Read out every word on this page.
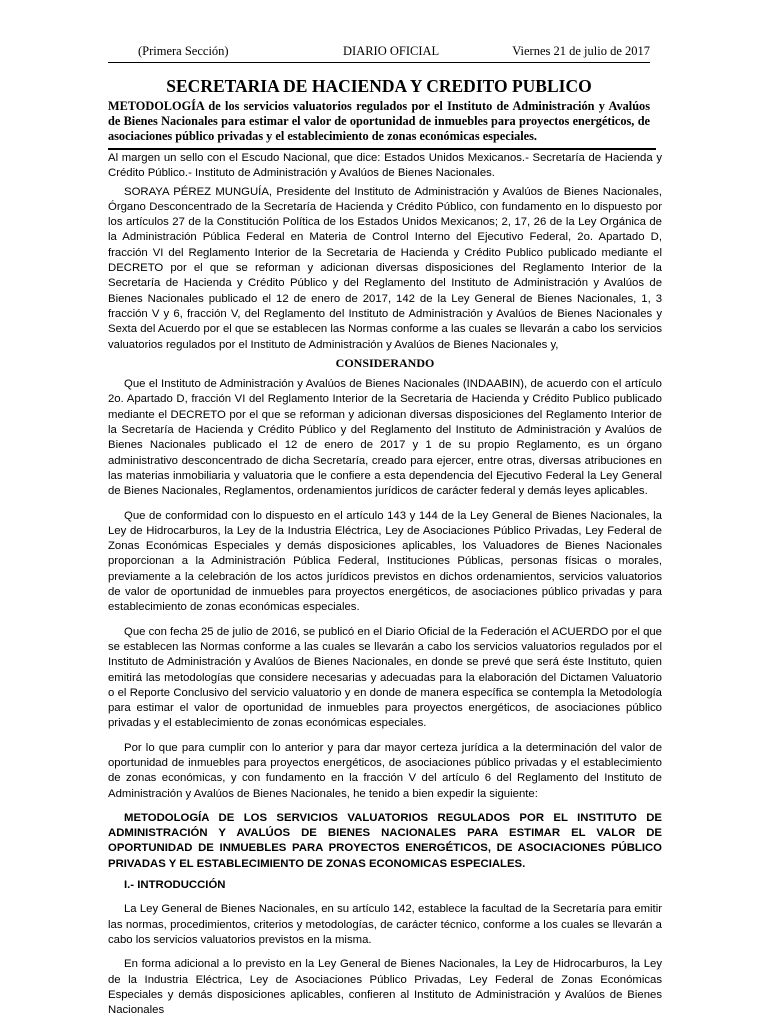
(Primera Sección)	DIARIO OFICIAL	Viernes 21 de julio de 2017
SECRETARIA DE HACIENDA Y CREDITO PUBLICO
METODOLOGÍA de los servicios valuatorios regulados por el Instituto de Administración y Avalúos de Bienes Nacionales para estimar el valor de oportunidad de inmuebles para proyectos energéticos, de asociaciones público privadas y el establecimiento de zonas económicas especiales.

Al margen un sello con el Escudo Nacional, que dice: Estados Unidos Mexicanos.- Secretaría de Hacienda y Crédito Público.- Instituto de Administración y Avalúos de Bienes Nacionales.

SORAYA PÉREZ MUNGUÍA, Presidente del Instituto de Administración y Avalúos de Bienes Nacionales, Órgano Desconcentrado de la Secretaría de Hacienda y Crédito Público, con fundamento en lo dispuesto por los artículos 27 de la Constitución Política de los Estados Unidos Mexicanos; 2, 17, 26 de la Ley Orgánica de la Administración Pública Federal en Materia de Control Interno del Ejecutivo Federal, 2o. Apartado D, fracción VI del Reglamento Interior de la Secretaria de Hacienda y Crédito Publico publicado mediante el DECRETO por el que se reforman y adicionan diversas disposiciones del Reglamento Interior de la Secretaría de Hacienda y Crédito Público y del Reglamento del Instituto de Administración y Avalúos de Bienes Nacionales publicado el 12 de enero de 2017, 142 de la Ley General de Bienes Nacionales, 1, 3 fracción V y 6, fracción V, del Reglamento del Instituto de Administración y Avalúos de Bienes Nacionales y Sexta del Acuerdo por el que se establecen las Normas conforme a las cuales se llevarán a cabo los servicios valuatorios regulados por el Instituto de Administración y Avalúos de Bienes Nacionales y,

CONSIDERANDO

Que el Instituto de Administración y Avalúos de Bienes Nacionales (INDAABIN), de acuerdo con el artículo 2o. Apartado D, fracción VI del Reglamento Interior de la Secretaria de Hacienda y Crédito Publico publicado mediante el DECRETO por el que se reforman y adicionan diversas disposiciones del Reglamento Interior de la Secretaría de Hacienda y Crédito Público y del Reglamento del Instituto de Administración y Avalúos de Bienes Nacionales publicado el 12 de enero de 2017 y 1 de su propio Reglamento, es un órgano administrativo desconcentrado de dicha Secretaría, creado para ejercer, entre otras, diversas atribuciones en las materias inmobiliaria y valuatoria que le confiere a esta dependencia del Ejecutivo Federal la Ley General de Bienes Nacionales, Reglamentos, ordenamientos jurídicos de carácter federal y demás leyes aplicables.

Que de conformidad con lo dispuesto en el artículo 143 y 144 de la Ley General de Bienes Nacionales, la Ley de Hidrocarburos, la Ley de la Industria Eléctrica, Ley de Asociaciones Público Privadas, Ley Federal de Zonas Económicas Especiales y demás disposiciones aplicables, los Valuadores de Bienes Nacionales proporcionan a la Administración Pública Federal, Instituciones Públicas, personas físicas o morales, previamente a la celebración de los actos jurídicos previstos en dichos ordenamientos, servicios valuatorios de valor de oportunidad de inmuebles para proyectos energéticos, de asociaciones público privadas y para establecimiento de zonas económicas especiales.

Que con fecha 25 de julio de 2016, se publicó en el Diario Oficial de la Federación el ACUERDO por el que se establecen las Normas conforme a las cuales se llevarán a cabo los servicios valuatorios regulados por el Instituto de Administración y Avalúos de Bienes Nacionales, en donde se prevé que será éste Instituto, quien emitirá las metodologías que considere necesarias y adecuadas para la elaboración del Dictamen Valuatorio o el Reporte Conclusivo del servicio valuatorio y en donde de manera específica se contempla la Metodología para estimar el valor de oportunidad de inmuebles para proyectos energéticos, de asociaciones público privadas y el establecimiento de zonas económicas especiales.

Por lo que para cumplir con lo anterior y para dar mayor certeza jurídica a la determinación del valor de oportunidad de inmuebles para proyectos energéticos, de asociaciones público privadas y el establecimiento de zonas económicas, y con fundamento en la fracción V del artículo 6 del Reglamento del Instituto de Administración y Avalúos de Bienes Nacionales, he tenido a bien expedir la siguiente:

METODOLOGÍA DE LOS SERVICIOS VALUATORIOS REGULADOS POR EL INSTITUTO DE ADMINISTRACIÓN Y AVALÚOS DE BIENES NACIONALES PARA ESTIMAR EL VALOR DE OPORTUNIDAD DE INMUEBLES PARA PROYECTOS ENERGÉTICOS, DE ASOCIACIONES PÚBLICO PRIVADAS Y EL ESTABLECIMIENTO DE ZONAS ECONOMICAS ESPECIALES.

I.- INTRODUCCIÓN

La Ley General de Bienes Nacionales, en su artículo 142, establece la facultad de la Secretaría para emitir las normas, procedimientos, criterios y metodologías, de carácter técnico, conforme a los cuales se llevarán a cabo los servicios valuatorios previstos en la misma.

En forma adicional a lo previsto en la Ley General de Bienes Nacionales, la Ley de Hidrocarburos, la Ley de la Industria Eléctrica, Ley de Asociaciones Público Privadas, Ley Federal de Zonas Económicas Especiales y demás disposiciones aplicables, confieren al Instituto de Administración y Avalúos de Bienes Nacionales
